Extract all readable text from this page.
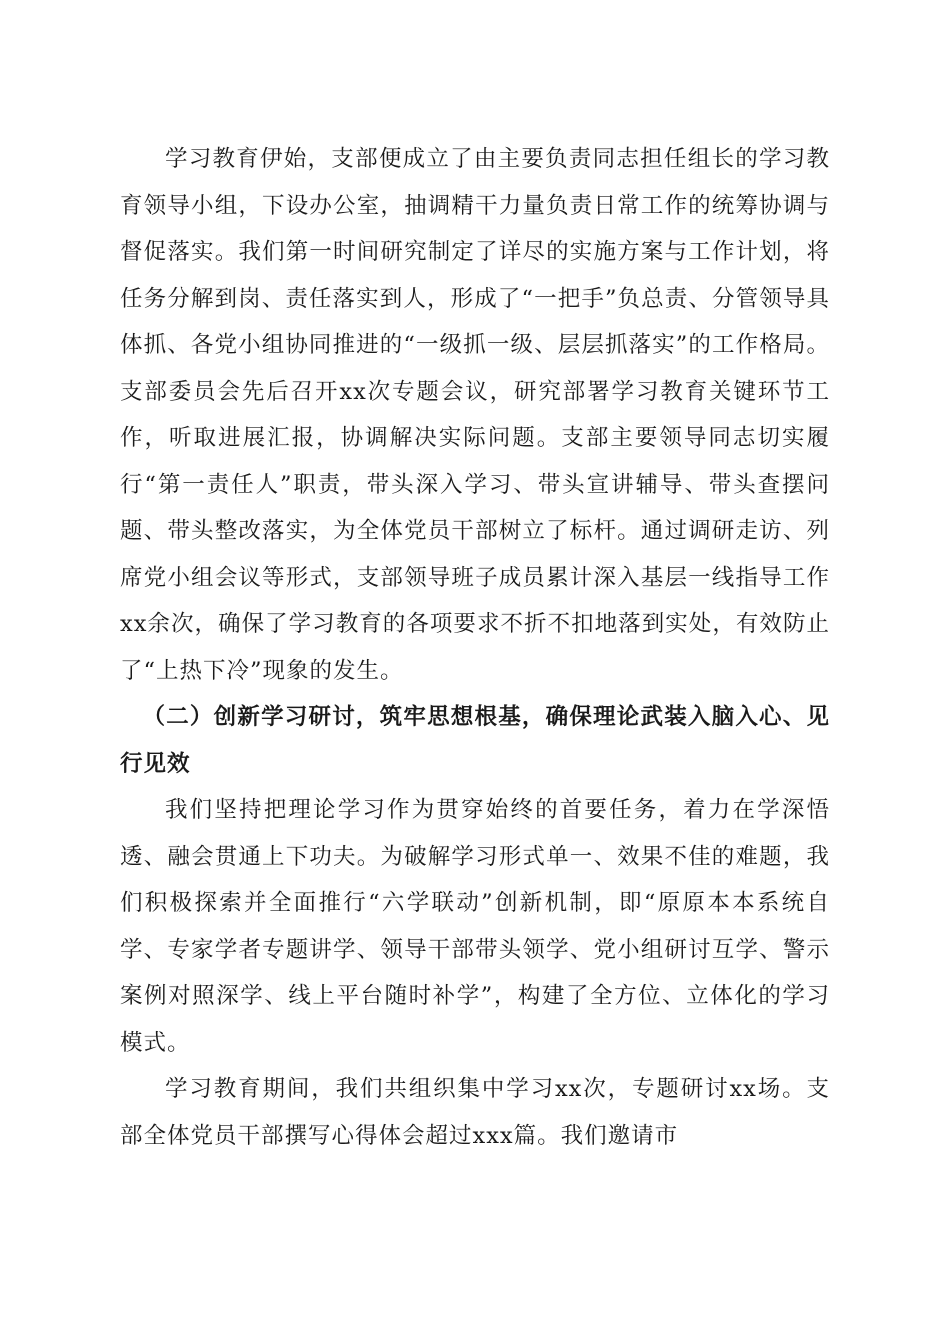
学习教育伊始，支部便成立了由主要负责同志担任组长的学习教育领导小组，下设办公室，抽调精干力量负责日常工作的统筹协调与督促落实。我们第一时间研究制定了详尽的实施方案与工作计划，将任务分解到岗、责任落实到人，形成了“一把手”负总责、分管领导具体抓、各党小组协同推进的“一级抓一级、层层抓落实”的工作格局。支部委员会先后召开xx次专题会议，研究部署学习教育关键环节工作，听取进展汇报，协调解决实际问题。支部主要领导同志切实履行“第一责任人”职责，带头深入学习、带头宣讲辅导、带头查摆问题、带头整改落实，为全体党员干部树立了标杆。通过调研走访、列席党小组会议等形式，支部领导班子成员累计深入基层一线指导工作xx余次，确保了学习教育的各项要求不折不扣地落到实处，有效防止了“上热下冷”现象的发生。

（二）创新学习研讨，筑牢思想根基，确保理论武装入脑入心、见行见效

我们坚持把理论学习作为贯穿始终的首要任务，着力在学深悟透、融会贯通上下功夫。为破解学习形式单一、效果不佳的难题，我们积极探索并全面推行“六学联动”创新机制，即“原原本本系统自学、专家学者专题讲学、领导干部带头领学、党小组研讨互学、警示案例对照深学、线上平台随时补学”，构建了全方位、立体化的学习模式。

学习教育期间，我们共组织集中学习xx次，专题研讨xx场。支部全体党员干部撰写心得体会超过xxx篇。我们邀请市
